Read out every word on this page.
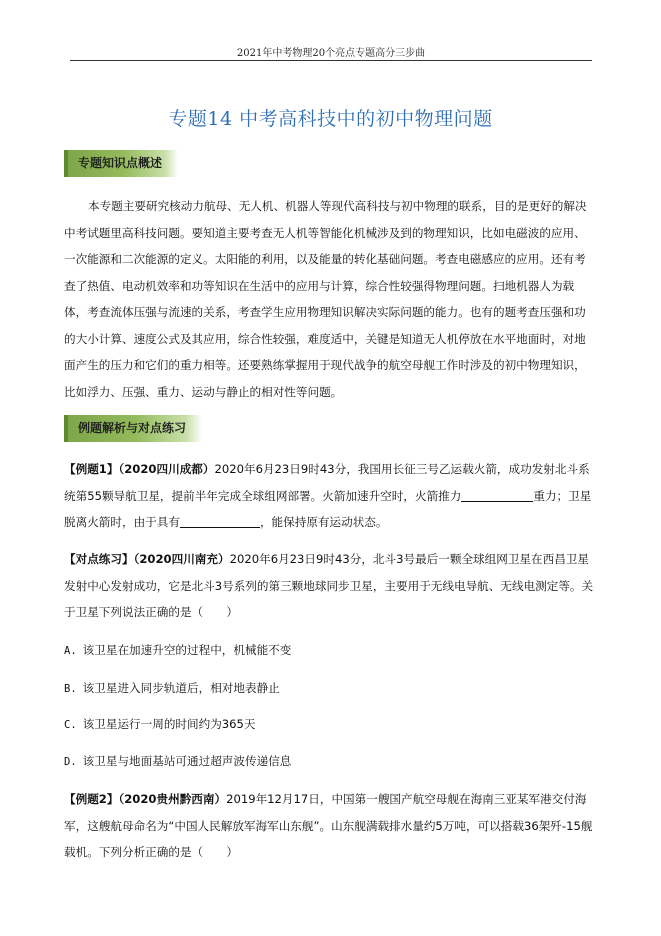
2021年中考物理20个亮点专题高分三步曲
专题14 中考高科技中的初中物理问题
专题知识点概述
本专题主要研究核动力航母、无人机、机器人等现代高科技与初中物理的联系，目的是更好的解决中考试题里高科技问题。要知道主要考查无人机等智能化机械涉及到的物理知识，比如电磁波的应用、一次能源和二次能源的定义。太阳能的利用，以及能量的转化基础问题。考查电磁感应的应用。还有考查了热值、电动机效率和功等知识在生活中的应用与计算，综合性较强得物理问题。扫地机器人为载体，考查流体压强与流速的关系，考查学生应用物理知识解决实际问题的能力。也有的题考查压强和功的大小计算、速度公式及其应用，综合性较强，难度适中，关键是知道无人机停放在水平地面时，对地面产生的压力和它们的重力相等。还要熟练掌握用于现代战争的航空母舰工作时涉及的初中物理知识，比如浮力、压强、重力、运动与静止的相对性等问题。
例题解析与对点练习
【例题1】（2020四川成都）2020年6月23日9时43分，我国用长征三号乙运载火箭，成功发射北斗系统第55颗导航卫星，提前半年完成全球组网部署。火箭加速升空时，火箭推力	重力；卫星脱离火箭时，由于具有	，能保持原有运动状态。
【对点练习】（2020四川南充）2020年6月23日9时43分，北斗3号最后一颗全球组网卫星在西昌卫星发射中心发射成功，它是北斗3号系列的第三颗地球同步卫星，主要用于无线电导航、无线电测定等。关于卫星下列说法正确的是（　　）
A. 该卫星在加速升空的过程中，机械能不变
B. 该卫星进入同步轨道后，相对地表静止
C. 该卫星运行一周的时间约为365天
D. 该卫星与地面基站可通过超声波传递信息
【例题2】（2020贵州黔西南）2019年12月17日，中国第一艘国产航空母舰在海南三亚某军港交付海军，这艘航母命名为“中国人民解放军海军山东舰”。山东舰满载排水量约5万吨，可以搭载36架歼-15舰载机。下列分析正确的是（　　）
